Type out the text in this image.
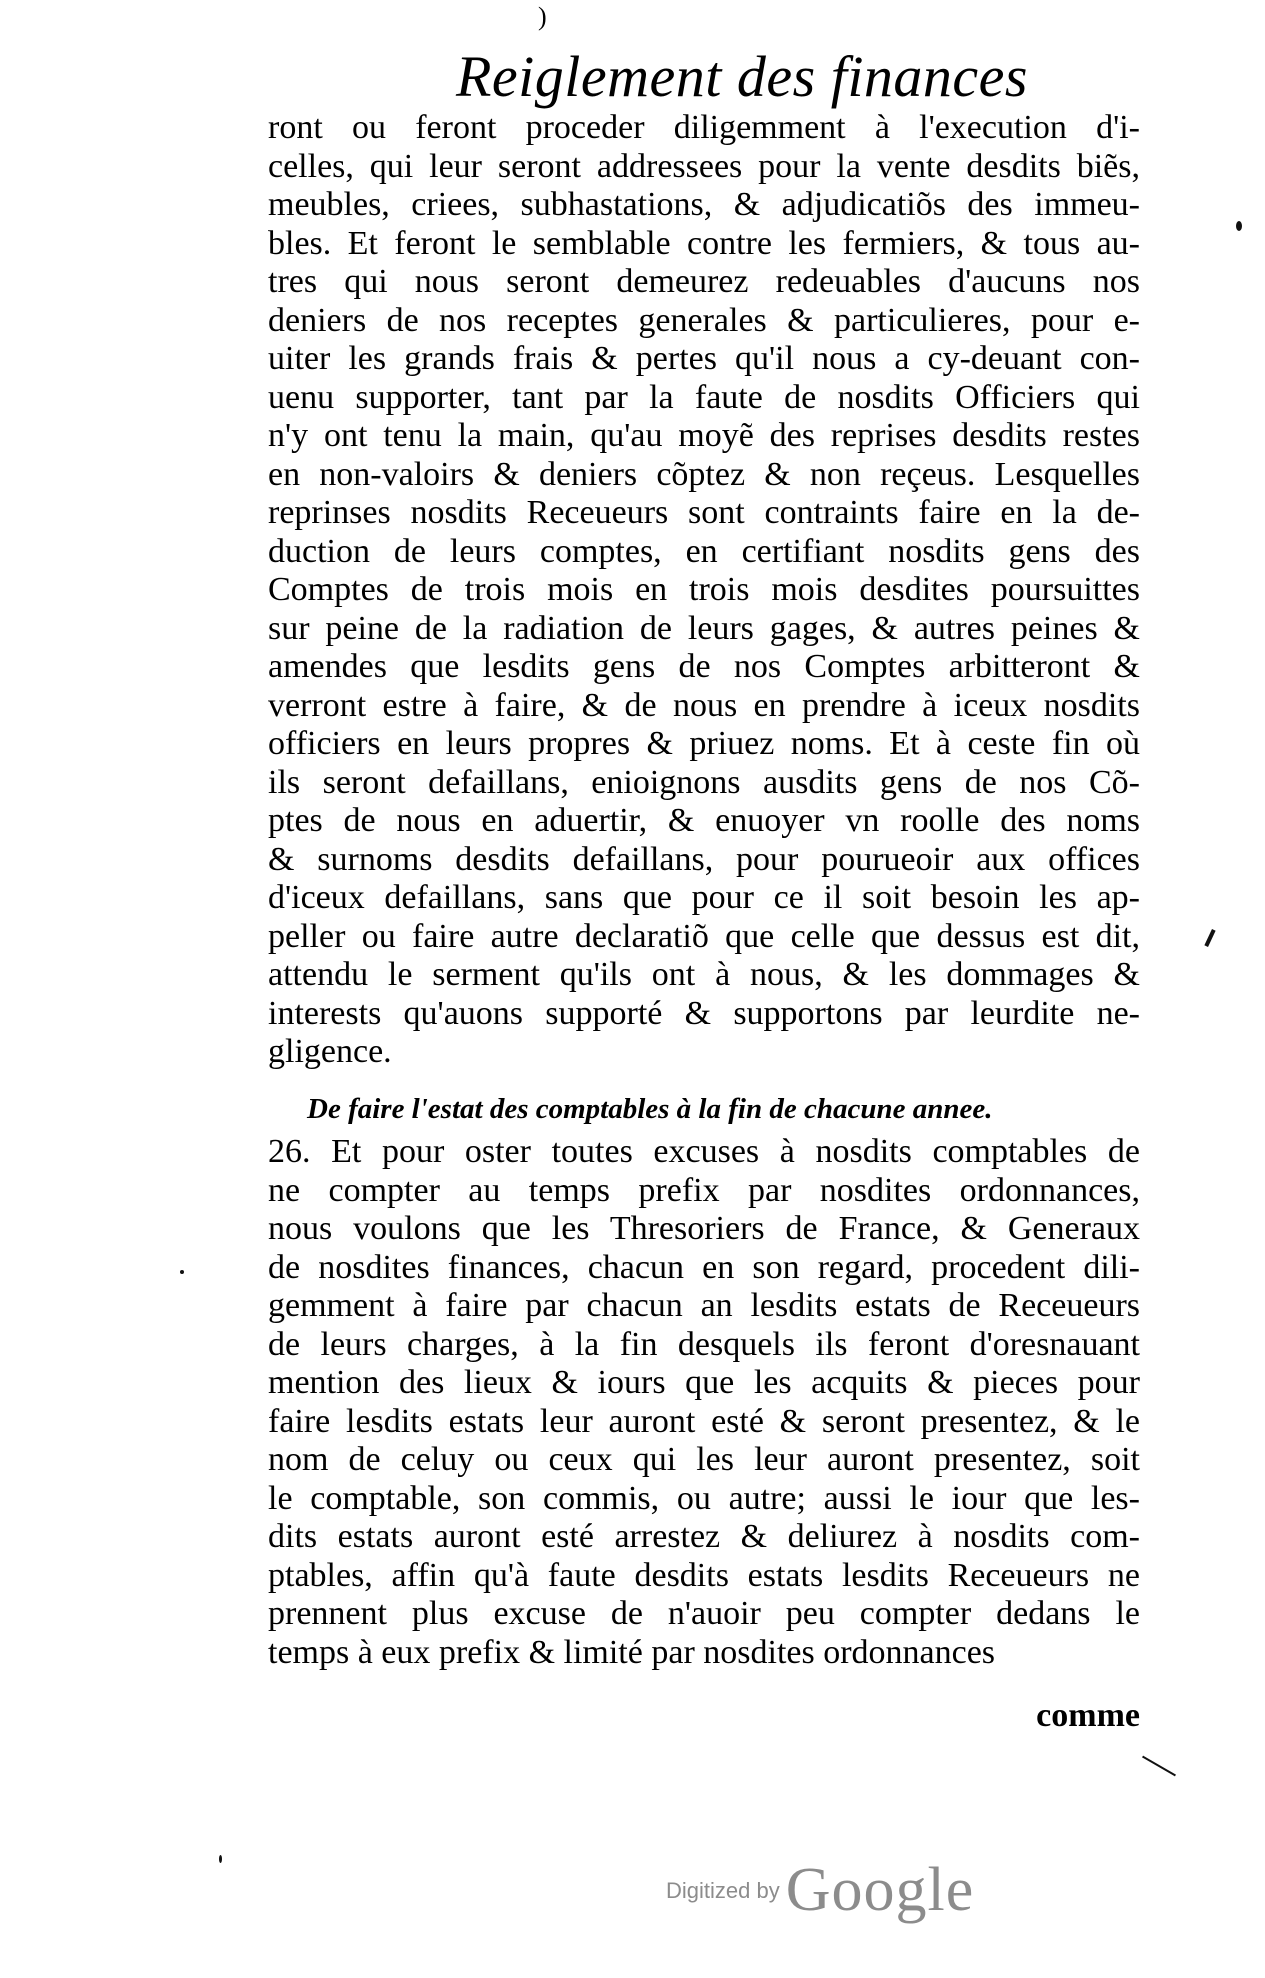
Reiglement des finances
)
ront ou feront proceder diligemment à l'execution d'i-
celles, qui leur seront addressees pour la vente desdits biẽs,
meubles, criees, subhastations, & adjudicatiõs des immeu-
bles. Et feront le semblable contre les fermiers, & tous au-
tres qui nous seront demeurez redeuables d'aucuns nos
deniers de nos receptes generales & particulieres, pour e-
uiter les grands frais & pertes qu'il nous a cy-deuant con-
uenu supporter, tant par la faute de nosdits Officiers qui
n'y ont tenu la main, qu'au moyẽ des reprises desdits restes
en non-valoirs & deniers cõptez & non reçeus. Lesquelles
reprinses nosdits Receueurs sont contraints faire en la de-
duction de leurs comptes, en certifiant nosdits gens des
Comptes de trois mois en trois mois desdites poursuittes
sur peine de la radiation de leurs gages, & autres peines &
amendes que lesdits gens de nos Comptes arbitteront &
verront estre à faire, & de nous en prendre à iceux nosdits
officiers en leurs propres & priuez noms. Et à ceste fin où
ils seront defaillans, enioignons ausdits gens de nos Cõ-
ptes de nous en aduertir, & enuoyer vn roolle des noms
& surnoms desdits defaillans, pour pourueoir aux offices
d'iceux defaillans, sans que pour ce il soit besoin les ap-
peller ou faire autre declaratiõ que celle que dessus est dit,
attendu le serment qu'ils ont à nous, & les dommages &
interests qu'auons supporté & supportons par leurdite ne-
gligence.
De faire l'estat des comptables à la fin de chacune annee.
26. Et pour oster toutes excuses à nosdits comptables de
ne compter au temps prefix par nosdites ordonnances,
nous voulons que les Thresoriers de France, & Generaux
de nosdites finances, chacun en son regard, procedent dili-
gemment à faire par chacun an lesdits estats de Receueurs
de leurs charges, à la fin desquels ils feront d'oresnauant
mention des lieux & iours que les acquits & pieces pour
faire lesdits estats leur auront esté & seront presentez, & le
nom de celuy ou ceux qui les leur auront presentez, soit
le comptable, son commis, ou autre; aussi le iour que les-
dits estats auront esté arrestez & deliurez à nosdits com-
ptables, affin qu'à faute desdits estats lesdits Receueurs ne
prennent plus excuse de n'auoir peu compter dedans le
temps à eux prefix & limité par nosdites ordonnances
comme
Digitized byGoogle
